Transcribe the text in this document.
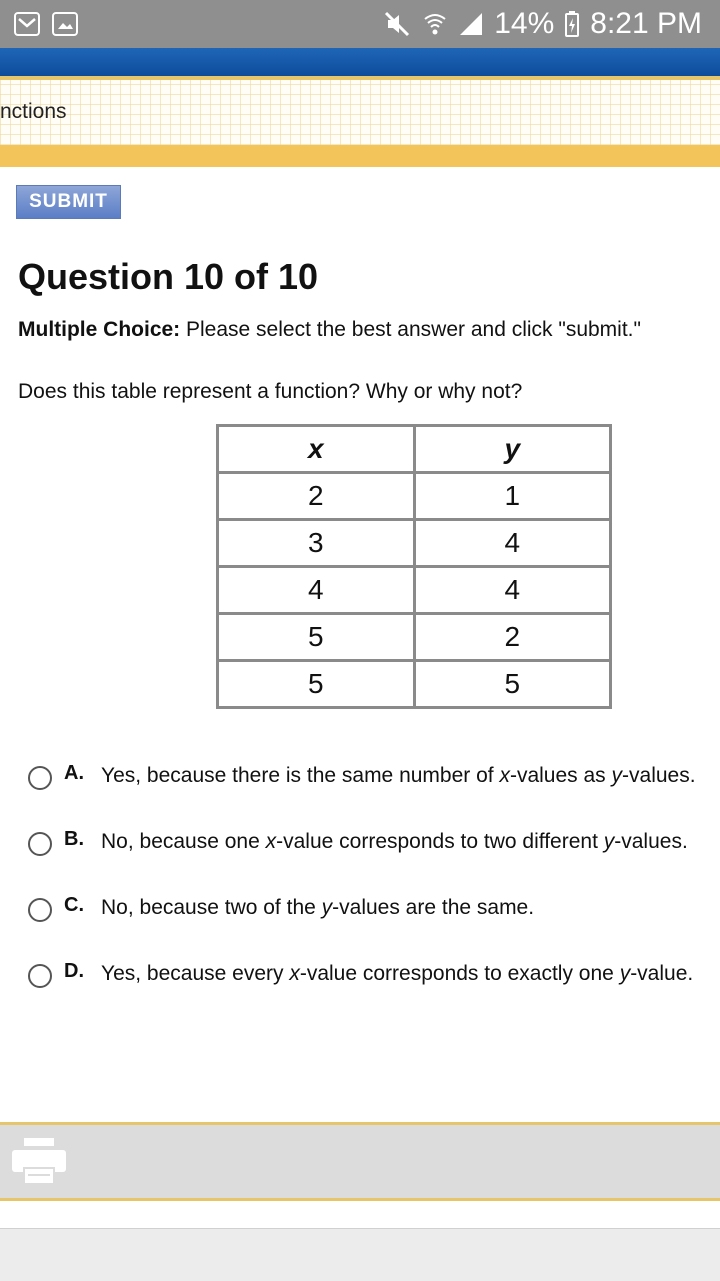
14% 8:21 PM
nctions
SUBMIT
Question 10 of 10
Multiple Choice: Please select the best answer and click "submit."
Does this table represent a function? Why or why not?
x	y
2	1
3	4
4	4
5	2
5	5
A. Yes, because there is the same number of x-values as y-values.
B. No, because one x-value corresponds to two different y-values.
C. No, because two of the y-values are the same.
D. Yes, because every x-value corresponds to exactly one y-value.
